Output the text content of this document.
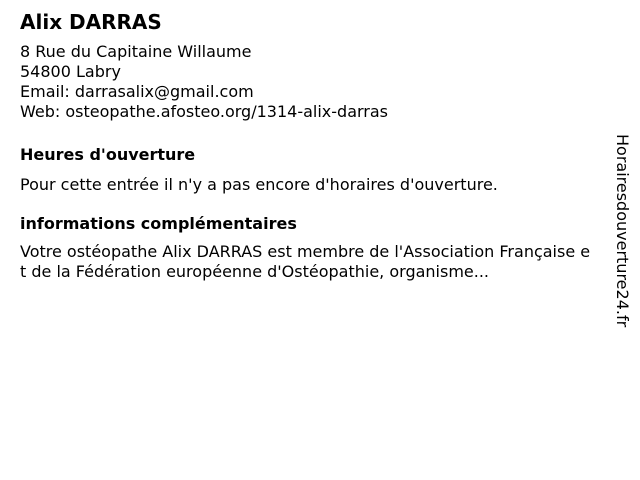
Alix DARRAS
8 Rue du Capitaine Willaume
54800 Labry
Email: darrasalix@gmail.com
Web: osteopathe.afosteo.org/1314-alix-darras
Heures d'ouverture
Pour cette entrée il n'y a pas encore d'horaires d'ouverture.
informations complémentaires
Votre ostéopathe Alix DARRAS est membre de l'Association Française et de la Fédération européenne d'Ostéopathie, organisme...	Horairesdouverture24.fr
